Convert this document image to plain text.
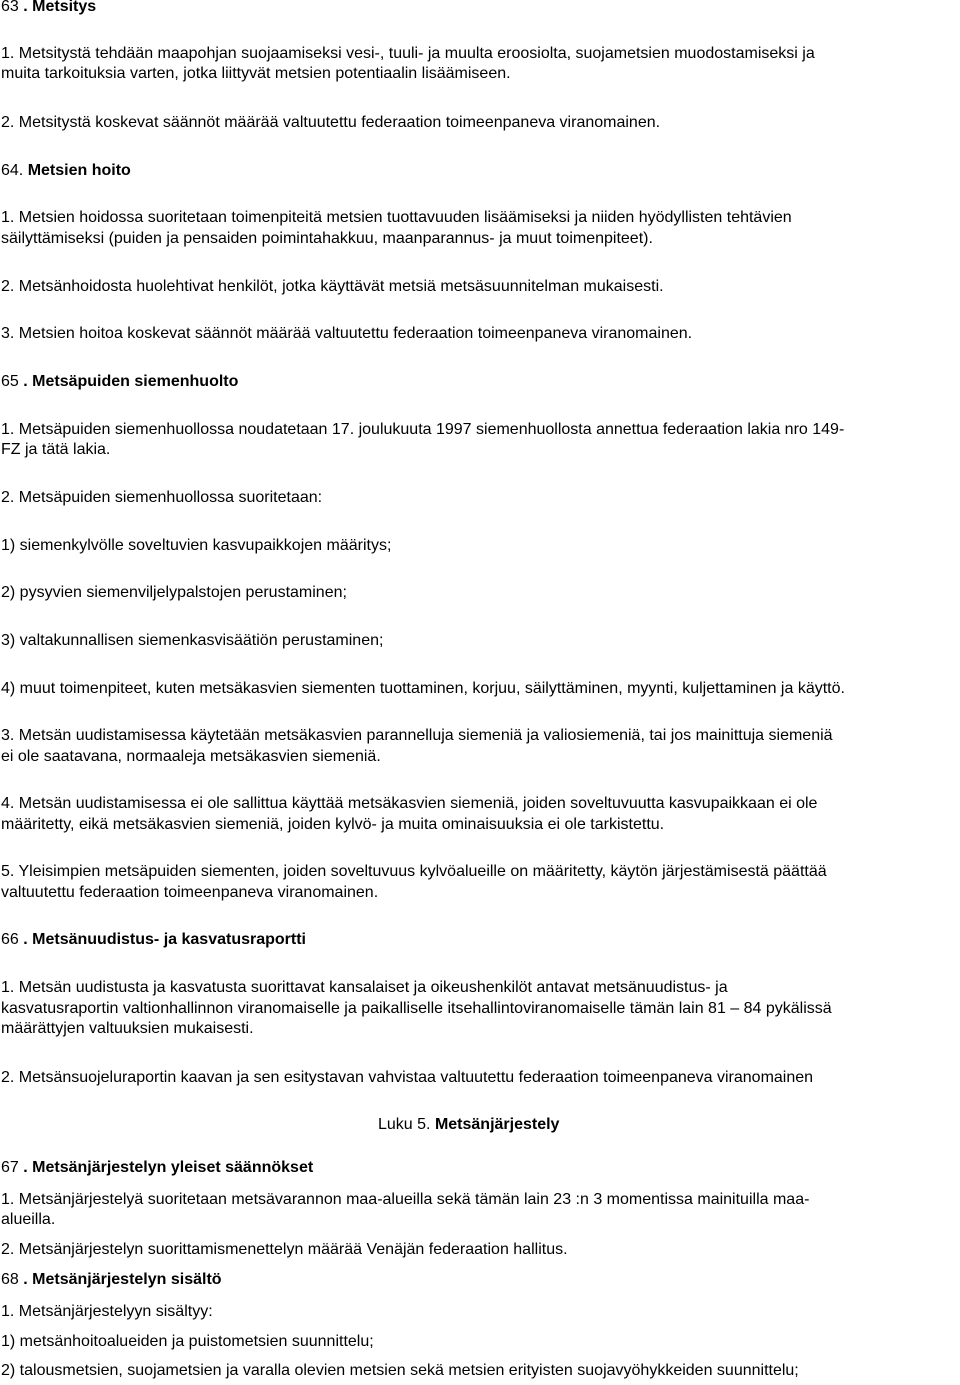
63 . Metsitys
1. Metsitystä tehdään maapohjan suojaamiseksi vesi-, tuuli- ja muulta eroosiolta, suojametsien muodostamiseksi ja
muita tarkoituksia varten, jotka liittyvät metsien potentiaalin lisäämiseen.
2. Metsitystä koskevat säännöt määrää valtuutettu federaation toimeenpaneva viranomainen.
64. Metsien hoito
1. Metsien hoidossa suoritetaan toimenpiteitä metsien tuottavuuden lisäämiseksi ja niiden hyödyllisten tehtävien
säilyttämiseksi (puiden ja pensaiden poimintahakkuu, maanparannus- ja muut toimenpiteet).
2. Metsänhoidosta huolehtivat henkilöt, jotka käyttävät metsiä metsäsuunnitelman mukaisesti.
3. Metsien hoitoa koskevat säännöt määrää valtuutettu federaation toimeenpaneva viranomainen.
65 . Metsäpuiden siemenhuolto
1. Metsäpuiden siemenhuollossa noudatetaan 17. joulukuuta 1997 siemenhuollosta annettua federaation lakia nro 149-
FZ ja tätä lakia.
2. Metsäpuiden siemenhuollossa suoritetaan:
1) siemenkylvölle soveltuvien kasvupaikkojen määritys;
2) pysyvien siemenviljelypalstojen perustaminen;
3) valtakunnallisen siemenkasvisäätiön perustaminen;
4) muut toimenpiteet, kuten metsäkasvien siementen tuottaminen, korjuu, säilyttäminen, myynti, kuljettaminen ja käyttö.
3. Metsän uudistamisessa käytetään metsäkasvien parannelluja siemeniä ja valiosiemeniä, tai jos mainittuja siemeniä
ei ole saatavana, normaaleja metsäkasvien siemeniä.
4. Metsän uudistamisessa ei ole sallittua käyttää metsäkasvien siemeniä, joiden soveltuvuutta kasvupaikkaan ei ole
määritetty, eikä metsäkasvien siemeniä, joiden kylvö- ja muita ominaisuuksia ei ole tarkistettu.
5. Yleisimpien metsäpuiden siementen, joiden soveltuvuus kylvöalueille on määritetty, käytön järjestämisestä päättää
valtuutettu federaation toimeenpaneva viranomainen.
66 . Metsänuudistus- ja kasvatusraportti
1. Metsän uudistusta ja kasvatusta suorittavat kansalaiset ja oikeushenkilöt antavat metsänuudistus- ja
kasvatusraportin valtionhallinnon viranomaiselle ja paikalliselle itsehallintoviranomaiselle tämän lain 81 – 84 pykälissä
määrättyjen valtuuksien mukaisesti.
2. Metsänsuojeluraportin kaavan ja sen esitystavan vahvistaa valtuutettu federaation toimeenpaneva viranomainen
Luku 5. Metsänjärjestely
67 . Metsänjärjestelyn yleiset säännökset
1. Metsänjärjestelyä suoritetaan metsävarannon maa-alueilla sekä tämän lain 23 :n 3 momentissa mainituilla maa-
alueilla.
2. Metsänjärjestelyn suorittamismenettelyn määrää Venäjän federaation hallitus.
68 . Metsänjärjestelyn sisältö
1. Metsänjärjestelyyn sisältyy:
1) metsänhoitoalueiden ja puistometsien suunnittelu;
2) talousmetsien, suojametsien ja varalla olevien metsien sekä metsien erityisten suojavyöhykkeiden suunnittelu;
